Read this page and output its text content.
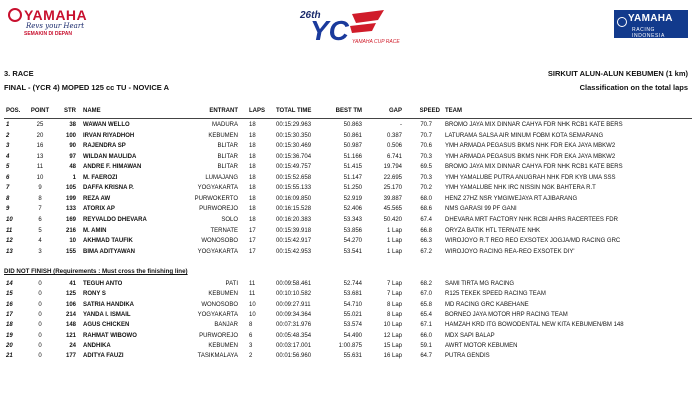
YAMAHA
Revs your Heart
SEMAKIN DI DEPAN
26th
YC YAMAHA CUP RACE
YAMAHA
RACING INDONESIA
3. RACE
FINAL - (YCR 4) MOPED 125 cc TU - NOVICE A
SIRKUIT ALUN-ALUN KEBUMEN (1 km)
Classification on the total laps
POS. POINT	STR NAME	ENTRANT LAPS TOTAL TIME	BEST TM	GAP	SPEED TEAM
1	25	38 WAWAN WELLO	MADURA 18	00:15:29.963	50.863	-	70.7 BROMO JAYA MIX DINNAR CAHYA FDR NHK RCB1 KATE BERS
2	20	100 IRVAN RIYADHOH	KEBUMEN 18	00:15:30.350	50.861	0.387	70.7 LATURAMA SALSA AIR MINUM FOBM KOTA SEMARANG
3	16	90 RAJENDRA SP	BLITAR 18	00:15:30.469	50.987	0.506	70.6 YMH ARMADA PEGASUS BKMS NHK FDR EKA JAYA MBKW2
4	13	97 WILDAN MAULIDA	BLITAR 18	00:15:36.704	51.166	6.741	70.3 YMH ARMADA PEGASUS BKMS NHK FDR EKA JAYA MBKW2
5	11	48 ANDRE F. HIMAWAN	BLITAR 18	00:15:49.757	51.415	19.794	69.5 BROMO JAYA MIX DINNAR CAHYA FDR NHK RCB1 KATE BERS
6	10	1 M. FAEROZI	LUMAJANG 18	00:15:52.658	51.147	22.695	70.3 YMH YAMALUBE PUTRA ANUGRAH NHK FDR KYB UMA SSS
7	9	105 DAFFA KRISNA P.	YOGYAKARTA 18	00:15:55.133	51.250	25.170	70.2 YMH YAMALUBE NHK IRC NISSIN NGK BAHTERA R.T
8	8	199 REZA AW	PURWOKERTO 18	00:16:09.850	52.919	39.887	68.0 HENZ 27HZ NSR YMGIWEJAYA RT AJIBARANG
9	7	133 ATORIX AP	PURWOREJO 18	00:16:15.528	52.406	45.565	68.6 NMS GARASI 99 PF GANI
10	6	169 REYVALDO DHEVARA	SOLO 18	00:16:20.383	53.343	50.420	67.4 DHEVARA MRT FACTORY NHK RCBI AHRS RACERTEES FDR
11	5	216 M. AMIN	TERNATE 17	00:15:39.918	53.856	1 Lap	66.8 ORYZA BATIK HTL TERNATE NHK
12	4	10 AKHMAD TAUFIK	WONOSOBO 17	00:15:42.917	54.270	1 Lap	66.3 WIROJOYO R.T REO REO EXSOTEX JOGJA/MD RACING GRC
13	3	155 BIMA ADITYAWAN	YOGYAKARTA 17	00:15:42.953	53.541	1 Lap	67.2 WIROJOYO RACING REA-REO EXSOTEK DIY'
DID NOT FINISH (Requirements : Must cross the finishing line)
14	0	41 TEGUH ANTO	PATI 11	00:09:58.461	52.744	7 Lap	68.2 SAMI TIRTA MG RACING
15	0	125 RONY S	KEBUMEN 11	00:10:10.582	53.681	7 Lap	67.0 R125 TEKEK SPEED RACING TEAM
16	0	106 SATRIA HANDIKA	WONOSOBO 10	00:09:27.911	54.710	8 Lap	65.8 MD RACING GRC KABEHANE
17	0	214 YANDA I. ISMAIL	YOGYAKARTA 10	00:09:34.364	55.021	8 Lap	65.4 BORNEO JAYA MOTOR HRP RACING TEAM
18	0	148 AGUS CHICKEN	BANJAR 8	00:07:31.976	53.574	10 Lap	67.1 HAMZAH KRD ITG BOWODENTAL NEW KITA KEBUMEN/BM 148
19	0	121 RAHMAT WIBOWO	PURWOREJO 6	00:05:48.354	54.490	12 Lap	66.0 MDX SAPI BALAP
20	0	24 ANDHIKA	KEBUMEN 3	00:03:17.001	1:00.875	15 Lap	59.1 AWRT MOTOR KEBUMEN
21	0	177 ADITYA FAUZI	TASIKMALAYA 2	00:01:56.960	55.631	16 Lap	64.7 PUTRA GENDIS
